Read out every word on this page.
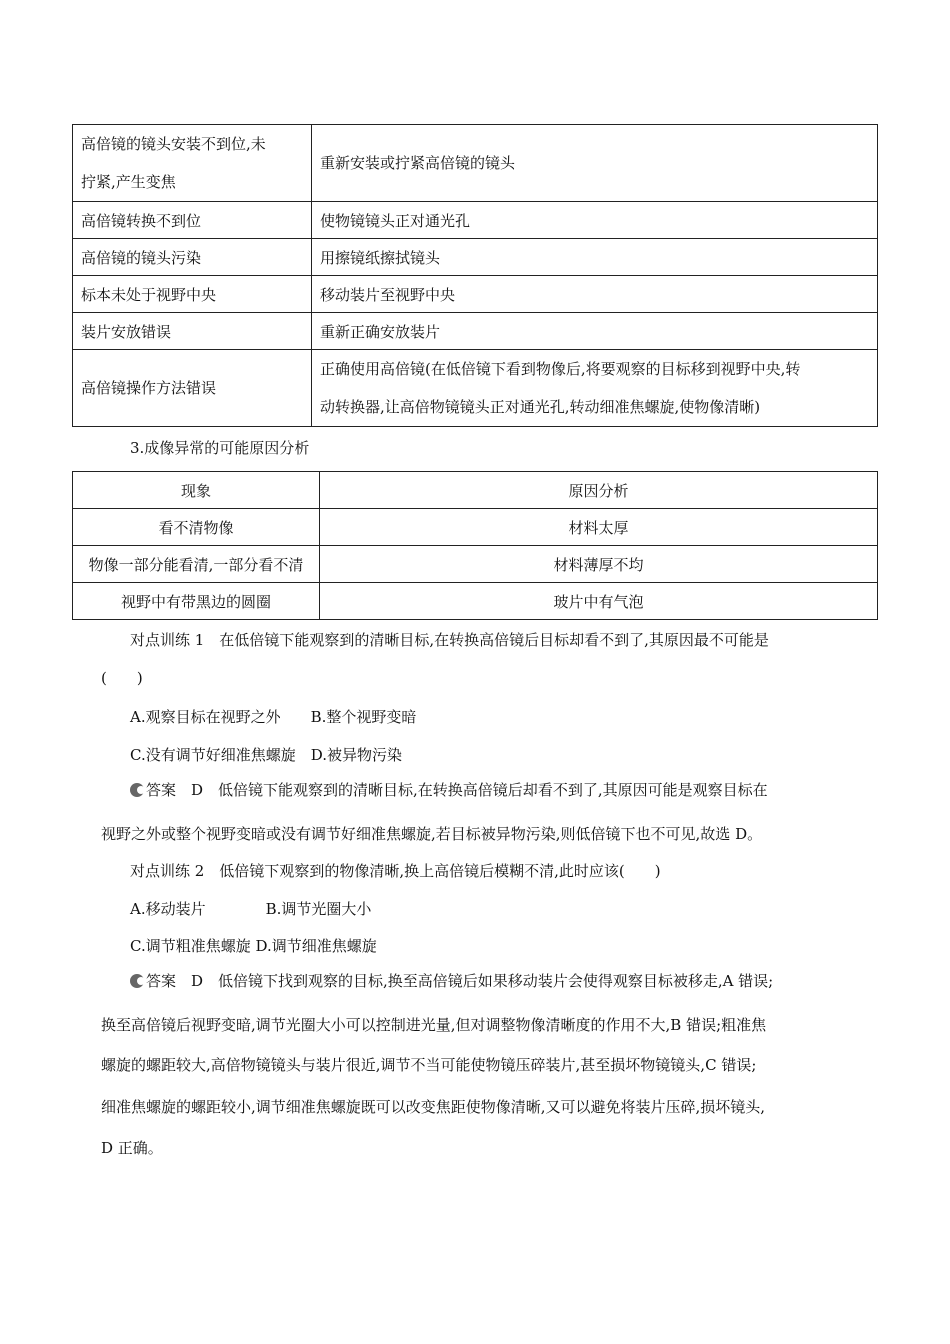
高倍镜的镜头安装不到位,未
拧紧,产生变焦	重新安装或拧紧高倍镜的镜头
高倍镜转换不到位	使物镜镜头正对通光孔
高倍镜的镜头污染	用擦镜纸擦拭镜头
标本未处于视野中央	移动装片至视野中央
装片安放错误	重新正确安放装片
高倍镜操作方法错误	正确使用高倍镜(在低倍镜下看到物像后,将要观察的目标移到视野中央,转
动转换器,让高倍物镜镜头正对通光孔,转动细准焦螺旋,使物像清晰)
3.成像异常的可能原因分析
现象	原因分析
看不清物像	材料太厚
物像一部分能看清,一部分看不清	材料薄厚不均
视野中有带黑边的圆圈	玻片中有气泡
对点训练 1　在低倍镜下能观察到的清晰目标,在转换高倍镜后目标却看不到了,其原因最不可能是
(　　)
A.观察目标在视野之外　　B.整个视野变暗
C.没有调节好细准焦螺旋　D.被异物污染
答案　D　低倍镜下能观察到的清晰目标,在转换高倍镜后却看不到了,其原因可能是观察目标在
视野之外或整个视野变暗或没有调节好细准焦螺旋,若目标被异物污染,则低倍镜下也不可见,故选 D。
对点训练 2　低倍镜下观察到的物像清晰,换上高倍镜后模糊不清,此时应该(　　)
A.移动装片　　　　B.调节光圈大小
C.调节粗准焦螺旋 D.调节细准焦螺旋
答案　D　低倍镜下找到观察的目标,换至高倍镜后如果移动装片会使得观察目标被移走,A 错误;
换至高倍镜后视野变暗,调节光圈大小可以控制进光量,但对调整物像清晰度的作用不大,B 错误;粗准焦
螺旋的螺距较大,高倍物镜镜头与装片很近,调节不当可能使物镜压碎装片,甚至损坏物镜镜头,C 错误;
细准焦螺旋的螺距较小,调节细准焦螺旋既可以改变焦距使物像清晰,又可以避免将装片压碎,损坏镜头,
D 正确。
